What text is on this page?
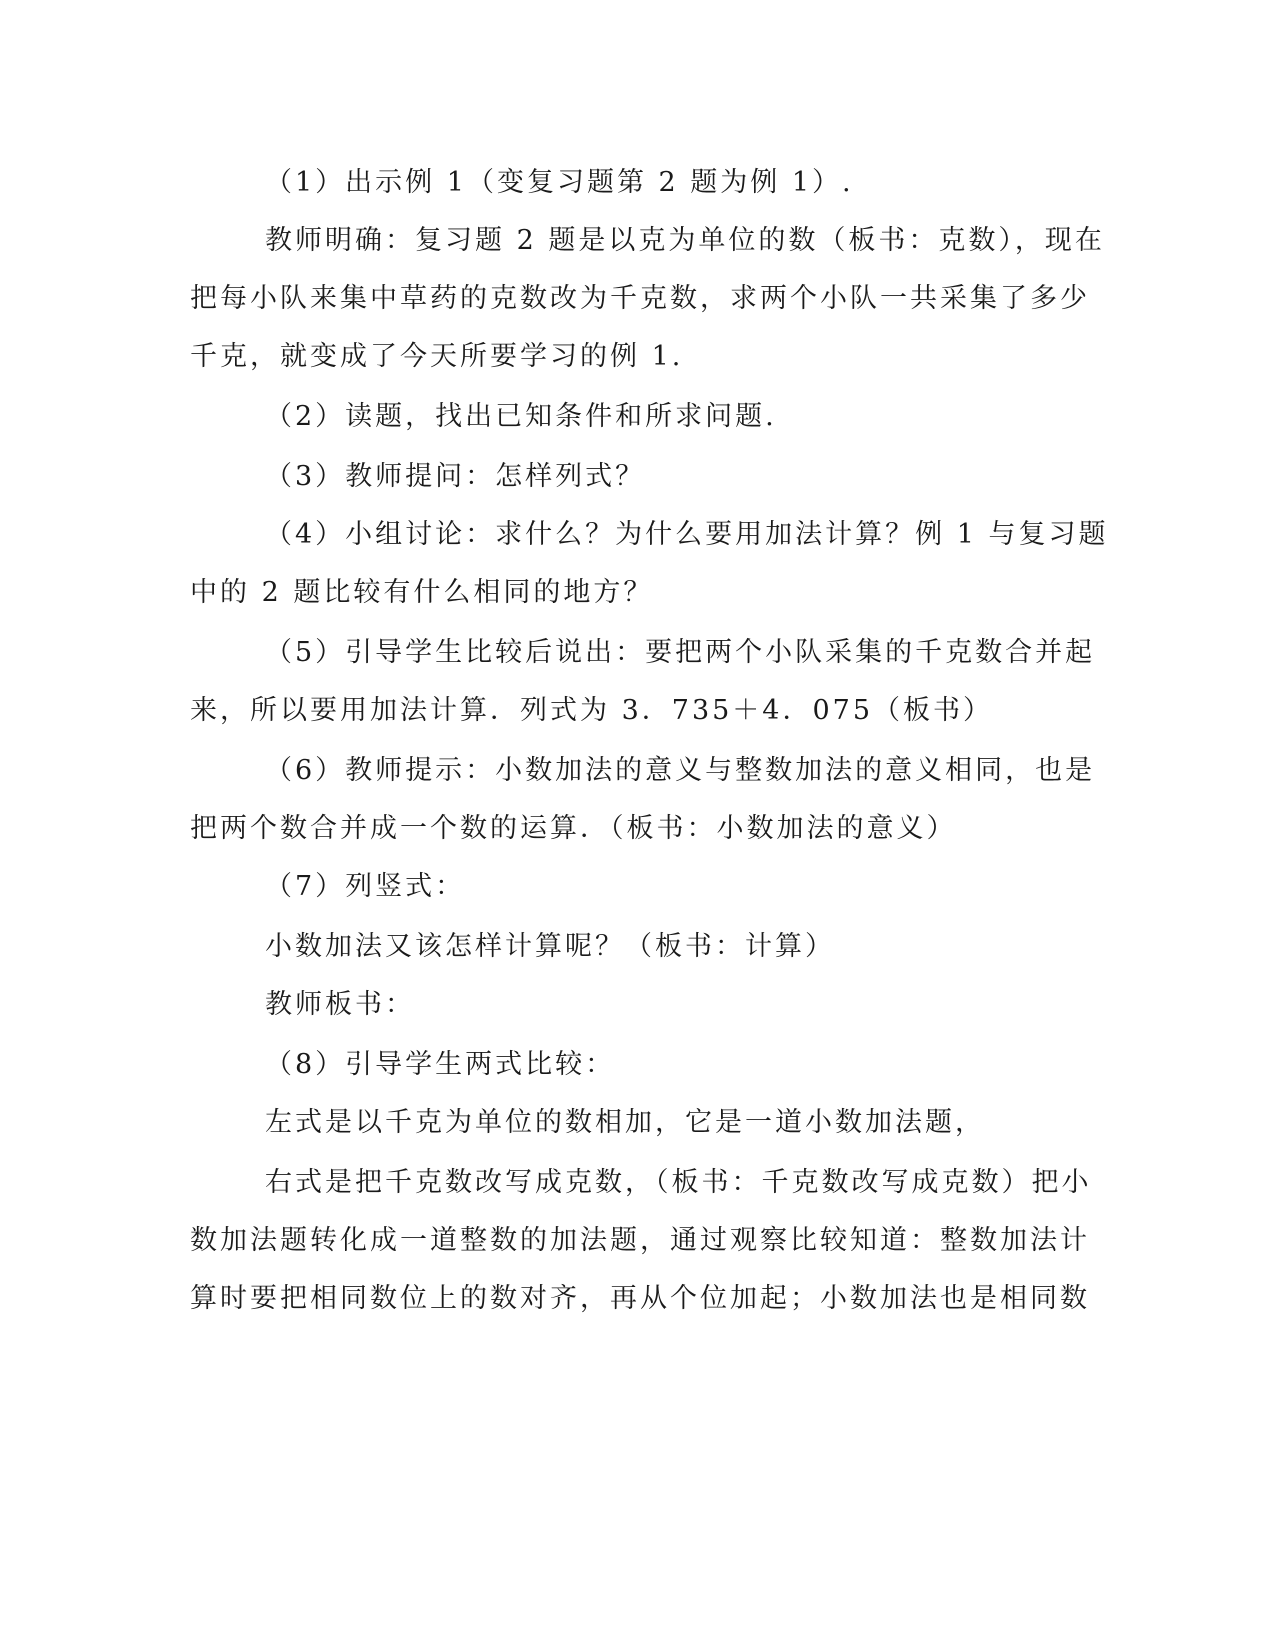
（1）出示例 1（变复习题第 2 题为例 1）.
教师明确：复习题 2 题是以克为单位的数（板书：克数），现在
把每小队来集中草药的克数改为千克数，求两个小队一共采集了多少
千克，就变成了今天所要学习的例 1.
（2）读题，找出已知条件和所求问题.
（3）教师提问：怎样列式？
（4）小组讨论：求什么？为什么要用加法计算？例 1 与复习题
中的 2 题比较有什么相同的地方？
（5）引导学生比较后说出：要把两个小队采集的千克数合并起
来，所以要用加法计算．列式为 3．735＋4．075（板书）
（6）教师提示：小数加法的意义与整数加法的意义相同，也是
把两个数合并成一个数的运算．（板书：小数加法的意义）
（7）列竖式：
小数加法又该怎样计算呢？（板书：计算）
教师板书：
（8）引导学生两式比较：
左式是以千克为单位的数相加，它是一道小数加法题，
右式是把千克数改写成克数，（板书：千克数改写成克数）把小
数加法题转化成一道整数的加法题，通过观察比较知道：整数加法计
算时要把相同数位上的数对齐，再从个位加起；小数加法也是相同数
